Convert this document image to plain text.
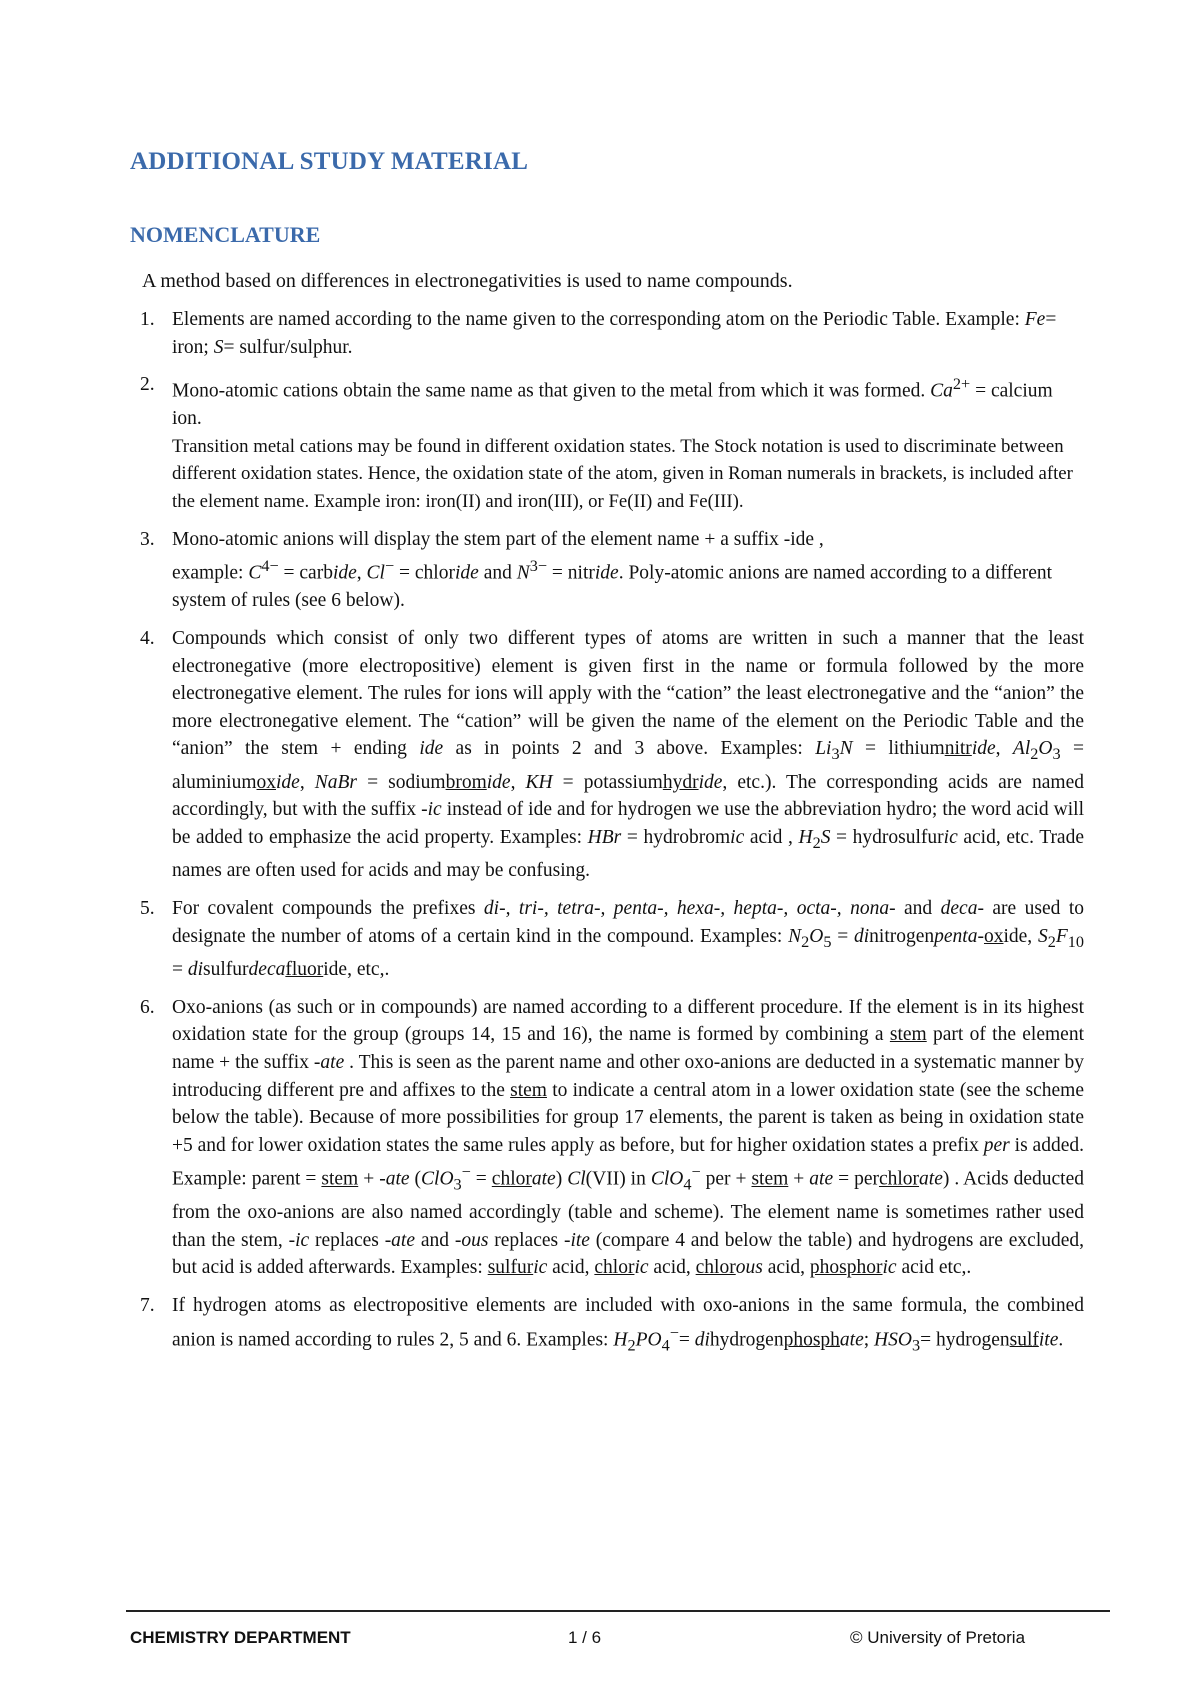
ADDITIONAL STUDY MATERIAL
NOMENCLATURE
A method based on differences in electronegativities is used to name compounds.
1. Elements are named according to the name given to the corresponding atom on the Periodic Table. Example: Fe= iron; S= sulfur/sulphur.
2. Mono-atomic cations obtain the same name as that given to the metal from which it was formed. $Ca^{2+}$ = calcium ion.
Transition metal cations may be found in different oxidation states. The Stock notation is used to discriminate between different oxidation states. Hence, the oxidation state of the atom, given in Roman numerals in brackets, is included after the element name. Example iron: iron(II) and iron(III), or Fe(II) and Fe(III).
3. Mono-atomic anions will display the stem part of the element name + a suffix -ide ,
example: $C^{4-}$ = carbide, Cl− = chloride and $N^{3-}$ = nitride. Poly-atomic anions are named according to a different system of rules (see 6 below).
4. Compounds which consist of only two different types of atoms are written in such a manner that the least electronegative (more electropositive) element is given first in the name or formula followed by the more electronegative element. The rules for ions will apply with the “cation” the least electronegative and the “anion” the more electronegative element. The “cation” will be given the name of the element on the Periodic Table and the “anion” the stem + ending ide as in points 2 and 3 above. Examples: $Li_3N$ = lithiumnitride, $Al_2O_3$ = aluminiumoxide, NaBr = sodiumbromide, KH = potassiumhydride, etc.). The corresponding acids are named accordingly, but with the suffix -ic instead of ide and for hydrogen we use the abbreviation hydro; the word acid will be added to emphasize the acid property. Examples: HBr = hydrobromic acid , $H_2S$ = hydrosulfuric acid, etc. Trade names are often used for acids and may be confusing.
5. For covalent compounds the prefixes di-, tri-, tetra-, penta-, hexa-, hepta-, octa-, nona- and deca- are used to designate the number of atoms of a certain kind in the compound. Examples: $N_2O_5$ = dinitrogenpenta-oxide, $S_2F_{10}$ = disulfurdecafluoride, etc,.
6. Oxo-anions (as such or in compounds) are named according to a different procedure. If the element is in its highest oxidation state for the group (groups 14, 15 and 16), the name is formed by combining a stem part of the element name + the suffix -ate . This is seen as the parent name and other oxo-anions are deducted in a systematic manner by introducing different pre and affixes to the stem to indicate a central atom in a lower oxidation state (see the scheme below the table). Because of more possibilities for group 17 elements, the parent is taken as being in oxidation state +5 and for lower oxidation states the same rules apply as before, but for higher oxidation states a prefix per is added. Example: parent = stem + -ate (ClO$_3$− = chlorate) Cl(VII) in ClO$_4$− per + stem + ate = perchlorate) . Acids deducted from the oxo-anions are also named accordingly (table and scheme). The element name is sometimes rather used than the stem, -ic replaces -ate and -ous replaces -ite (compare 4 and below the table) and hydrogens are excluded, but acid is added afterwards. Examples: sulfuric acid, chloric acid, chlorous acid, phosphoric acid etc,.
7. If hydrogen atoms as electropositive elements are included with oxo-anions in the same formula, the combined anion is named according to rules 2, 5 and 6. Examples: $H_2PO_4^-=$ dihydrogenphosphate; $HSO_3=$ hydrogensulfite.
CHEMISTRY DEPARTMENT	1 / 6	© University of Pretoria
